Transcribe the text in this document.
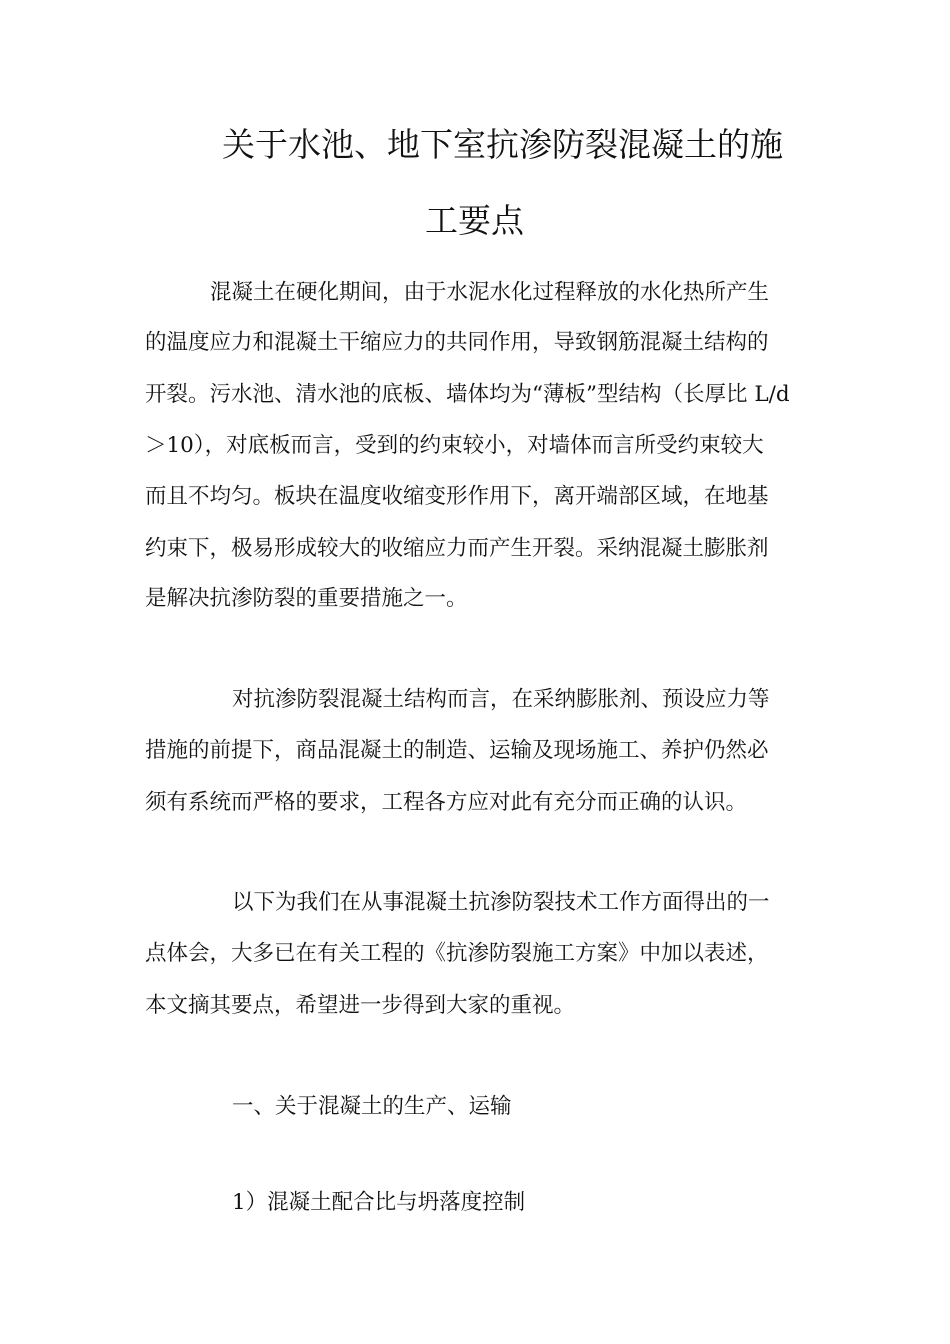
关于水池、地下室抗渗防裂混凝土的施
工要点
混凝土在硬化期间，由于水泥水化过程释放的水化热所产生
的温度应力和混凝土干缩应力的共同作用，导致钢筋混凝土结构的
开裂。污水池、清水池的底板、墙体均为“薄板”型结构（长厚比 L/d
＞10），对底板而言，受到的约束较小，对墙体而言所受约束较大
而且不均匀。板块在温度收缩变形作用下，离开端部区域，在地基
约束下，极易形成较大的收缩应力而产生开裂。采纳混凝土膨胀剂
是解决抗渗防裂的重要措施之一。
对抗渗防裂混凝土结构而言，在采纳膨胀剂、预设应力等
措施的前提下，商品混凝土的制造、运输及现场施工、养护仍然必
须有系统而严格的要求，工程各方应对此有充分而正确的认识。
以下为我们在从事混凝土抗渗防裂技术工作方面得出的一
点体会，大多已在有关工程的《抗渗防裂施工方案》中加以表述，
本文摘其要点，希望进一步得到大家的重视。
一、关于混凝土的生产、运输
1）混凝土配合比与坍落度控制
